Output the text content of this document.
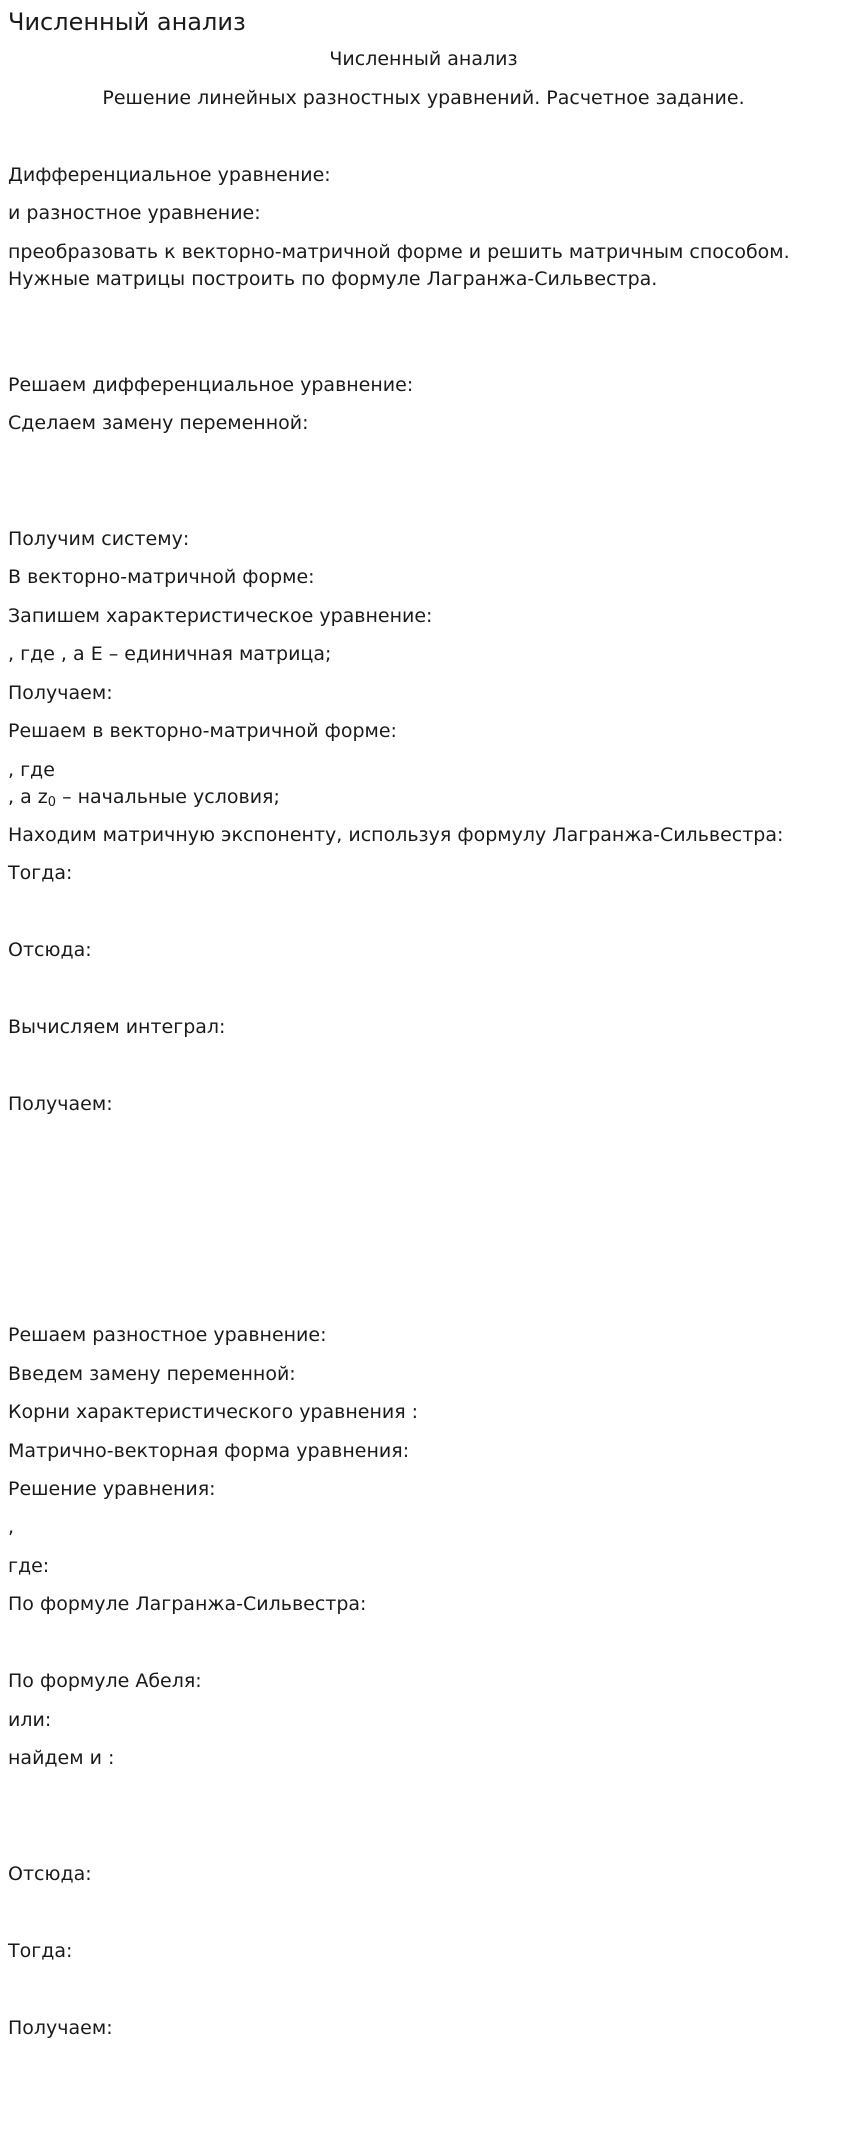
Численный анализ
Численный анализ
Решение линейных разностных уравнений. Расчетное задание.
Дифференциальное уравнение:
и разностное уравнение:
преобразовать к векторно-матричной форме и решить матричным способом.
Нужные матрицы построить по формуле Лагранжа-Сильвестра.
Решаем дифференциальное уравнение:
Сделаем замену переменной:
Получим систему:
В векторно-матричной форме:
Запишем характеристическое уравнение:
, где , а E – единичная матрица;
Получаем:
Решаем в векторно-матричной форме:
, где
, а $z_0$ – начальные условия;
Находим матричную экспоненту, используя формулу Лагранжа-Сильвестра:
Тогда:
Отсюда:
Вычисляем интеграл:
Получаем:
Решаем разностное уравнение:
Введем замену переменной:
Корни характеристического уравнения :
Матрично-векторная форма уравнения:
Решение уравнения:
,
где:
По формуле Лагранжа-Сильвестра:
По формуле Абеля:
или:
найдем и :
Отсюда:
Тогда:
Получаем:
